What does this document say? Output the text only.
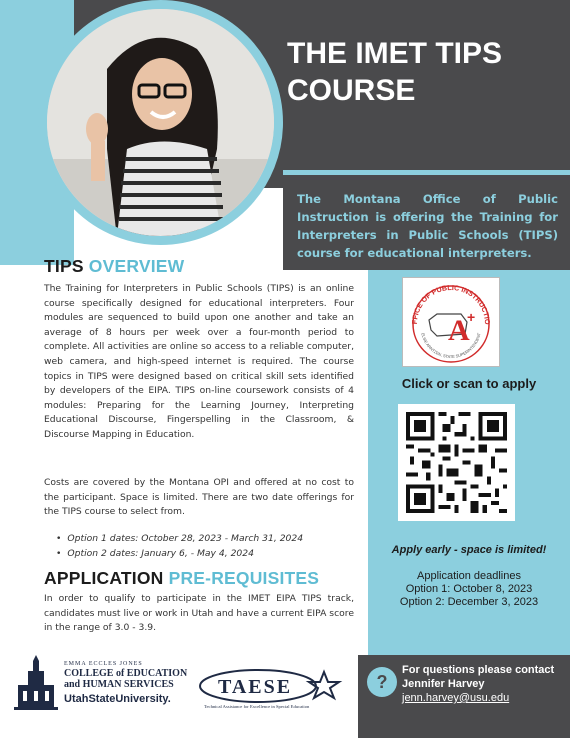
THE IMET TIPS
COURSE
The Montana Office of Public Instruction is offering the Training for Interpreters in Public Schools (TIPS) course for educational interpreters.
TIPS OVERVIEW
The Training for Interpreters in Public Schools (TIPS) is an online course specifically designed for educational interpreters. Four modules are sequenced to build upon one another and take an average of 8 hours per week over a four-month period to complete. All activities are online so access to a reliable computer, web camera, and high-speed internet is required. The course topics in TIPS were designed based on critical skill sets identified by developers of the EIPA. TIPS on-line coursework consists of 4 modules: Preparing for the Learning Journey, Interpreting Educational Discourse, Fingerspelling in the Classroom, & Discourse Mapping in Education.
Costs are covered by the Montana OPI and offered at no cost to the participant. Space is limited. There are two date offerings for the TIPS course to select from.
• Option 1 dates: October 28, 2023 - March 31, 2024
• Option 2 dates: January 6, - May 4, 2024
APPLICATION PRE-REQUISITES
In order to qualify to participate in the IMET EIPA TIPS track, candidates must live or work in Utah and have a current EIPA score in the range of 3.0 - 3.9.
FFICE OF PUBLIC INSTRUCTIO
ELSIE ARNTZEN, STATE SUPERINTENDENT
A
+
Click or scan to apply
Apply early - space is limited!
Application deadlines
Option 1: October 8, 2023
Option 2: December 3, 2023
?
For questions please contact
Jennifer Harvey
jenn.harvey@usu.edu
EMMA ECCLES JONES
COLLEGE of EDUCATION
and HUMAN SERVICES
UtahStateUniversity.
TAESE
Technical Assistance for Excellence in Special Education
